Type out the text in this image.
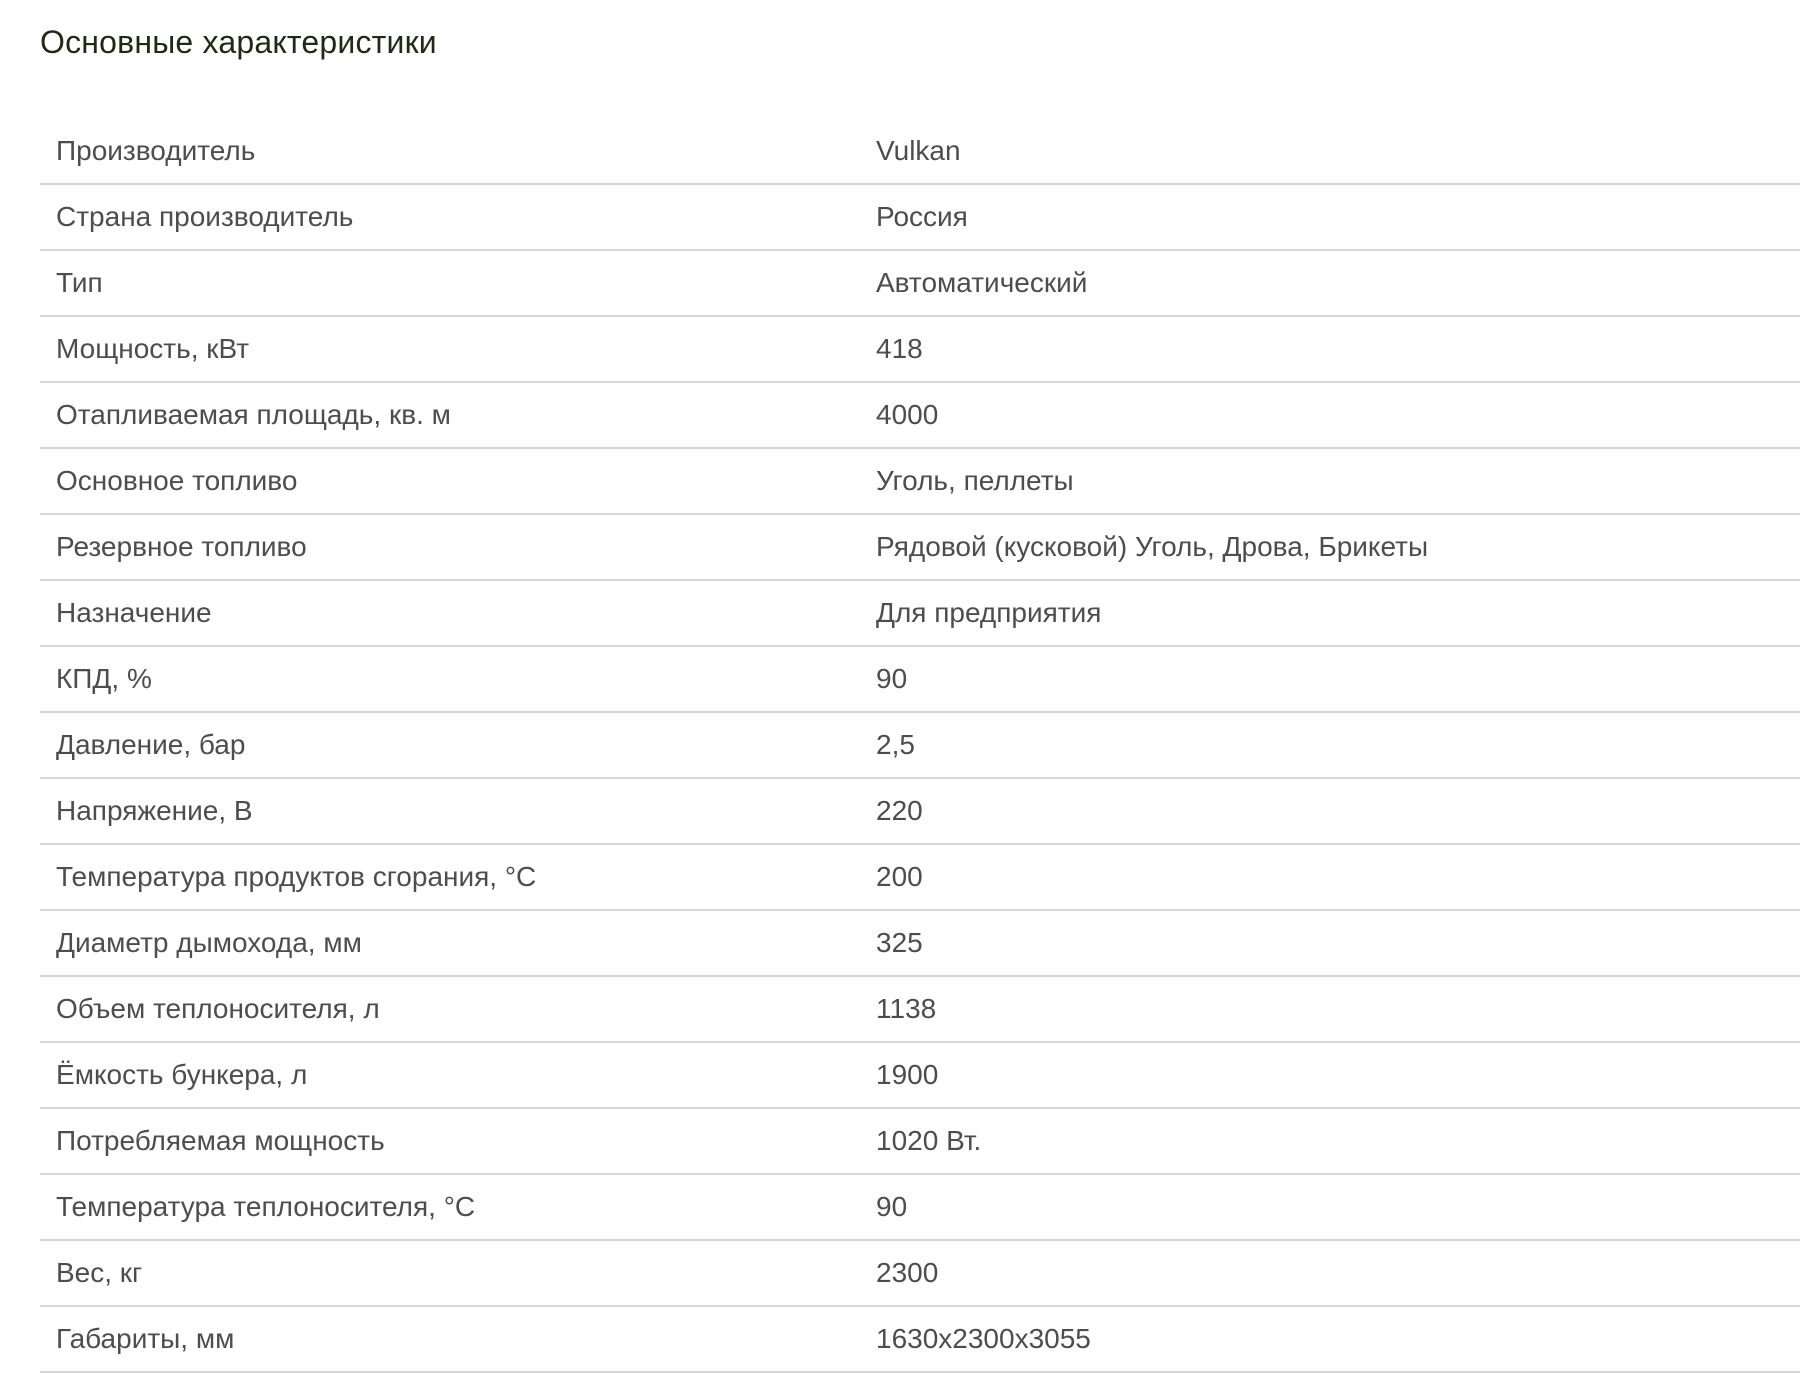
Основные характеристики
Производитель	Vulkan
Страна производитель	Россия
Тип	Автоматический
Мощность, кВт	418
Отапливаемая площадь, кв. м	4000
Основное топливо	Уголь, пеллеты
Резервное топливо	Рядовой (кусковой) Уголь, Дрова, Брикеты
Назначение	Для предприятия
КПД, %	90
Давление, бар	2,5
Напряжение, В	220
Температура продуктов сгорания, °С	200
Диаметр дымохода, мм	325
Объем теплоносителя, л	1138
Ёмкость бункера, л	1900
Потребляемая мощность	1020 Вт.
Температура теплоносителя, °С	90
Вес, кг	2300
Габариты, мм	1630x2300x3055
